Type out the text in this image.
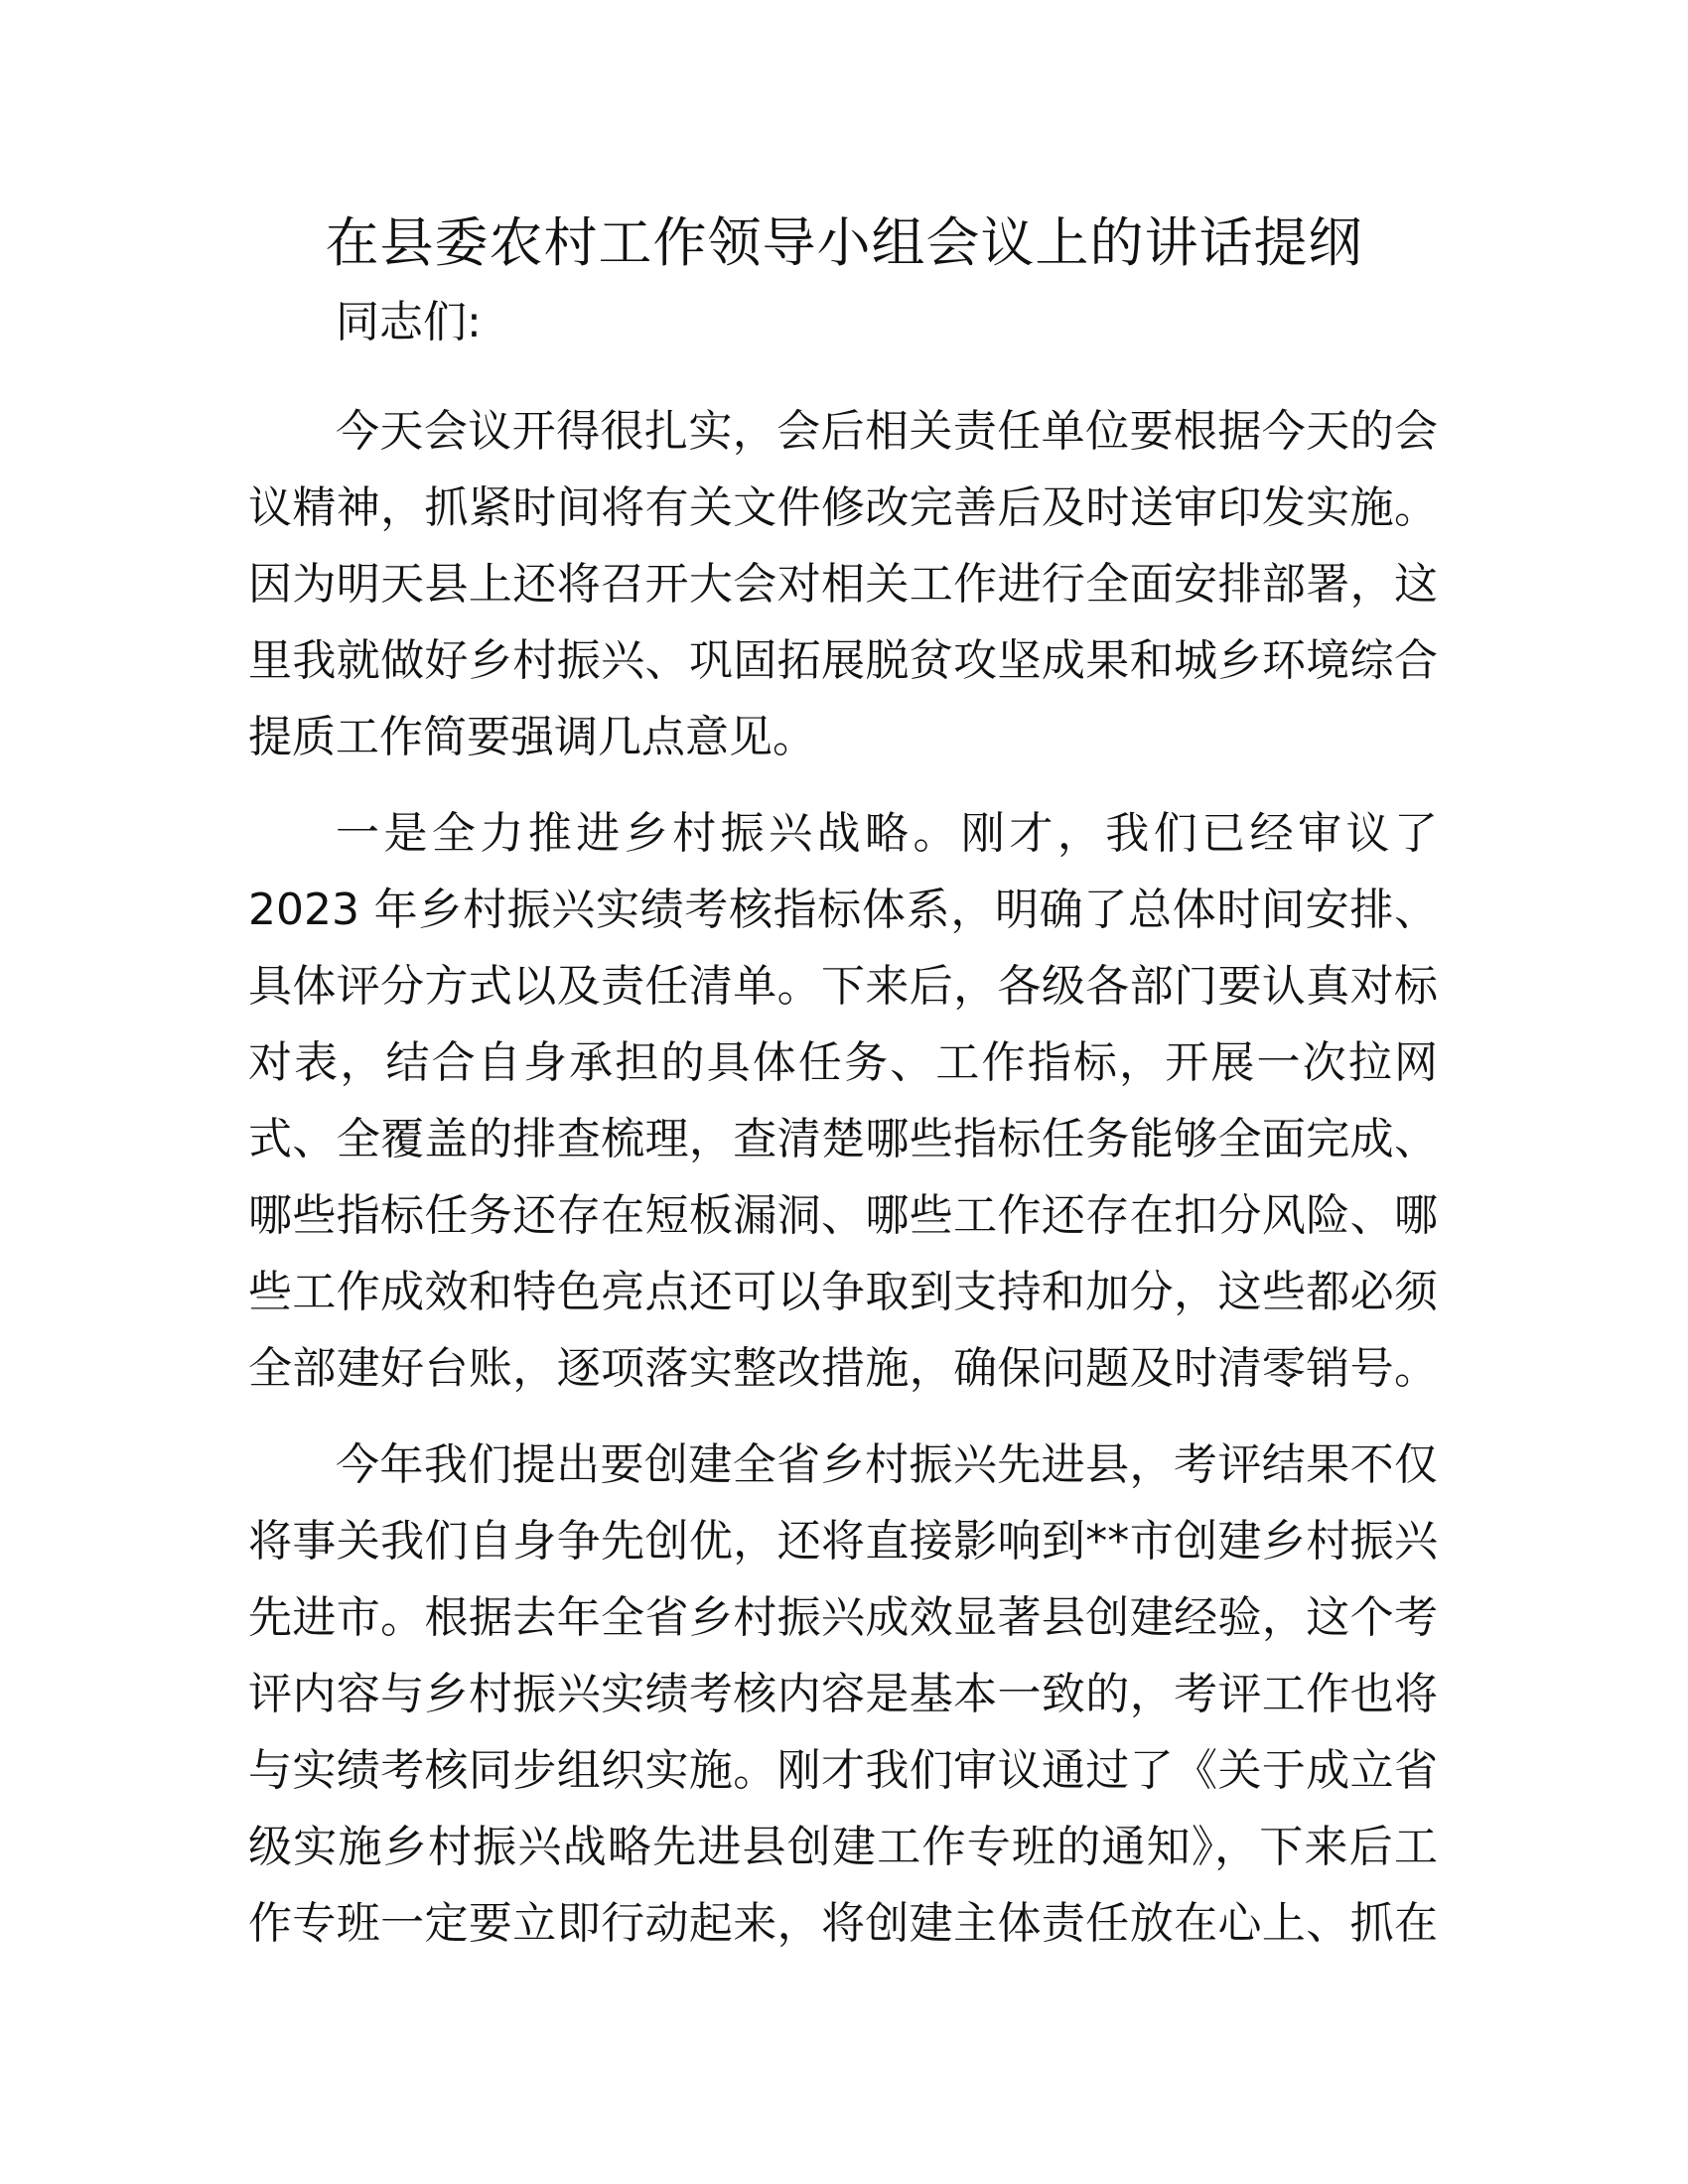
在县委农村工作领导小组会议上的讲话提纲
同志们:
今天会议开得很扎实，会后相关责任单位要根据今天的会
议精神，抓紧时间将有关文件修改完善后及时送审印发实施。
因为明天县上还将召开大会对相关工作进行全面安排部署，这
里我就做好乡村振兴、巩固拓展脱贫攻坚成果和城乡环境综合
提质工作简要强调几点意见。
一是全力推进乡村振兴战略。刚才，我们已经审议了
2023 年乡村振兴实绩考核指标体系，明确了总体时间安排、
具体评分方式以及责任清单。下来后，各级各部门要认真对标
对表，结合自身承担的具体任务、工作指标，开展一次拉网
式、全覆盖的排查梳理，查清楚哪些指标任务能够全面完成、
哪些指标任务还存在短板漏洞、哪些工作还存在扣分风险、哪
些工作成效和特色亮点还可以争取到支持和加分，这些都必须
全部建好台账，逐项落实整改措施，确保问题及时清零销号。
今年我们提出要创建全省乡村振兴先进县，考评结果不仅
将事关我们自身争先创优，还将直接影响到**市创建乡村振兴
先进市。根据去年全省乡村振兴成效显著县创建经验，这个考
评内容与乡村振兴实绩考核内容是基本一致的，考评工作也将
与实绩考核同步组织实施。刚才我们审议通过了《关于成立省
级实施乡村振兴战略先进县创建工作专班的通知》，下来后工
作专班一定要立即行动起来，将创建主体责任放在心上、抓在
